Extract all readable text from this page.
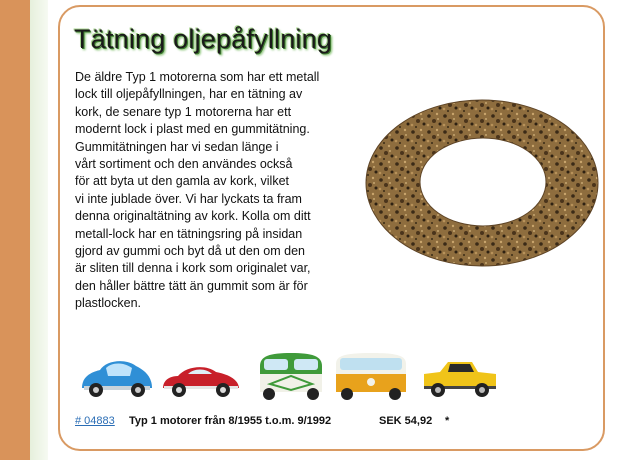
Tätning oljepåfyllning
De äldre Typ 1 motorerna som har ett metall
lock till oljepåfyllningen, har en tätning av
kork, de senare typ 1 motorerna har ett
modernt lock i plast med en gummitätning.
Gummitätningen har vi sedan länge i
vårt sortiment och den användes också
för att byta ut den gamla av kork, vilket
vi inte jublade över. Vi har lyckats ta fram
denna originaltätning av kork. Kolla om ditt
metall-lock har en tätningsring på insidan
gjord av gummi och byt då ut den om den
är sliten till denna i kork som originalet var,
den håller bättre tätt än gummit som är för
plastlocken.
# 04883 Typ 1 motorer från 8/1955 t.o.m. 9/1992	SEK 54,92 *
